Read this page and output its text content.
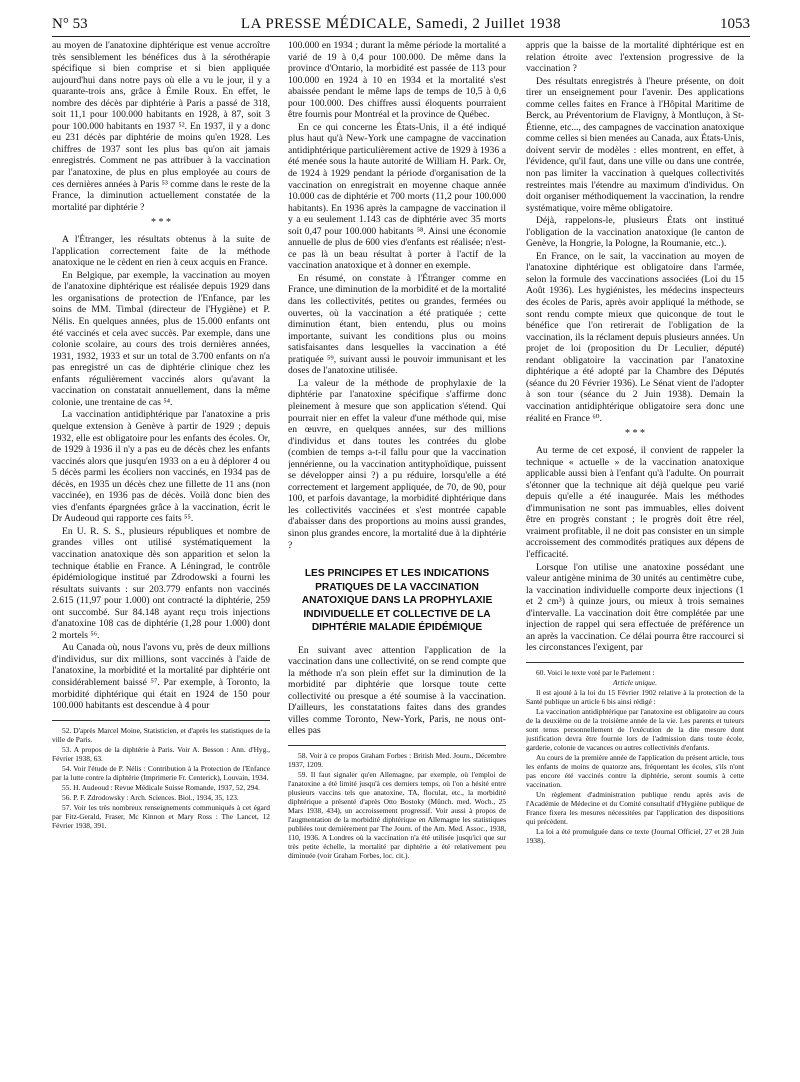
N° 53	LA PRESSE MÉDICALE, Samedi, 2 Juillet 1938	1053

au moyen de l'anatoxine diphtérique est venue accroître très sensiblement les bénéfices dus à la sérothérapie spécifique si bien comprise et si bien appliquée aujourd'hui dans notre pays où elle a vu le jour, il y a quarante-trois ans, grâce à Émile Roux. En effet, le nombre des décès par diphtérie à Paris a passé de 318, soit 11,1 pour 100.000 habitants en 1928, à 87, soit 3 pour 100.000 habitants en 1937 ⁵². En 1937, il y a donc eu 231 décès par diphtérie de moins qu'en 1928. Les chiffres de 1937 sont les plus bas qu'on ait jamais enregistrés. Comment ne pas attribuer à la vaccination par l'anatoxine, de plus en plus employée au cours de ces dernières années à Paris ⁵³ comme dans le reste de la France, la diminution actuellement constatée de la mortalité par diphtérie ?

* * *

A l'Étranger, les résultats obtenus à la suite de l'application correctement faite de la méthode anatoxique ne le cèdent en rien à ceux acquis en France.

En Belgique, par exemple, la vaccination au moyen de l'anatoxine diphtérique est réalisée depuis 1929 dans les organisations de protection de l'Enfance, par les soins de MM. Timbal (directeur de l'Hygiène) et P. Nélis. En quelques années, plus de 15.000 enfants ont été vaccinés et cela avec succès. Par exemple, dans une colonie scolaire, au cours des trois dernières années, 1931, 1932, 1933 et sur un total de 3.700 enfants on n'a pas enregistré un cas de diphtérie clinique chez les enfants régulièrement vaccinés alors qu'avant la vaccination on constatait annuellement, dans la même colonie, une trentaine de cas ⁵⁴.

La vaccination antidiphtérique par l'anatoxine a pris quelque extension à Genève à partir de 1929 ; depuis 1932, elle est obligatoire pour les enfants des écoles. Or, de 1929 à 1936 il n'y a pas eu de décès chez les enfants vaccinés alors que jusqu'en 1933 on a eu à déplorer 4 ou 5 décès parmi les écoliers non vaccinés, en 1934 pas de décès, en 1935 un décès chez une fillette de 11 ans (non vaccinée), en 1936 pas de décès. Voilà donc bien des vies d'enfants épargnées grâce à la vaccination, écrit le Dr Audeoud qui rapporte ces faits ⁵⁵.

En U. R. S. S., plusieurs républiques et nombre de grandes villes ont utilisé systématiquement la vaccination anatoxique dès son apparition et selon la technique établie en France. A Léningrad, le contrôle épidémiologique institué par Zdrodowski a fourni les résultats suivants : sur 203.779 enfants non vaccinés 2.615 (11,97 pour 1.000) ont contracté la diphtérie, 259 ont succombé. Sur 84.148 ayant reçu trois injections d'anatoxine 108 cas de diphtérie (1,28 pour 1.000) dont 2 mortels ⁵⁶.

Au Canada où, nous l'avons vu, près de deux millions d'individus, sur dix millions, sont vaccinés à l'aide de l'anatoxine, la morbidité et la mortalité par diphtérie ont considérablement baissé ⁵⁷. Par exemple, à Toronto, la morbidité diphtérique qui était en 1924 de 150 pour 100.000 habitants est descendue à 4 pour

52. D'après Marcel Moine, Statisticien, et d'après les statistiques de la ville de Paris.

53. A propos de la diphtérie à Paris. Voir A. Besson : Ann. d'Hyg., Février 1938, 63.

54. Voir l'étude de P. Nélis : Contribution à la Protection de l'Enfance par la lutte contre la diphtérie (Imprimerie Fr. Centerick), Louvain, 1934.

55. H. Audeoud : Revue Médicale Suisse Romande, 1937, 52, 294.

56. P. F. Zdrodowsky : Arch. Sciences. Biol., 1934, 35, 123.

57. Voir les très nombreux renseignements communiqués à cet égard par Fitz-Gerald, Fraser, Mc Kinnon et Mary Ross : The Lancet, 12 Février 1938, 391.

100.000 en 1934 ; durant la même période la mortalité a varié de 19 à 0,4 pour 100.000. De même dans la province d'Ontario, la morbidité est passée de 113 pour 100.000 en 1924 à 10 en 1934 et la mortalité s'est abaissée pendant le même laps de temps de 10,5 à 0,6 pour 100.000. Des chiffres aussi éloquents pourraient être fournis pour Montréal et la province de Québec.

En ce qui concerne les États-Unis, il a été indiqué plus haut qu'à New-York une campagne de vaccination antidiphtérique particulièrement active de 1929 à 1936 a été menée sous la haute autorité de William H. Park. Or, de 1924 à 1929 pendant la période d'organisation de la vaccination on enregistrait en moyenne chaque année 10.000 cas de diphtérie et 700 morts (11,2 pour 100.000 habitants). En 1936 après la campagne de vaccination il y a eu seulement 1.143 cas de diphtérie avec 35 morts soit 0,47 pour 100.000 habitants ⁵⁸. Ainsi une économie annuelle de plus de 600 vies d'enfants est réalisée; n'est-ce pas là un beau résultat à porter à l'actif de la vaccination anatoxique et à donner en exemple.

En résumé, on constate à l'Étranger comme en France, une diminution de la morbidité et de la mortalité dans les collectivités, petites ou grandes, fermées ou ouvertes, où la vaccination a été pratiquée ; cette diminution étant, bien entendu, plus ou moins importante, suivant les conditions plus ou moins satisfaisantes dans lesquelles la vaccination a été pratiquée ⁵⁹, suivant aussi le pouvoir immunisant et les doses de l'anatoxine utilisée.

La valeur de la méthode de prophylaxie de la diphtérie par l'anatoxine spécifique s'affirme donc pleinement à mesure que son application s'étend. Qui pourrait nier en effet la valeur d'une méthode qui, mise en œuvre, en quelques années, sur des millions d'individus et dans toutes les contrées du globe (combien de temps a-t-il fallu pour que la vaccination jennérienne, ou la vaccination antityphoïdique, puissent se développer ainsi ?) a pu réduire, lorsqu'elle a été correctement et largement appliquée, de 70, de 90, pour 100, et parfois davantage, la morbidité diphtérique dans les collectivités vaccinées et s'est montrée capable d'abaisser dans des proportions au moins aussi grandes, sinon plus grandes encore, la mortalité due à la diphtérie ?

LES PRINCIPES ET LES INDICATIONS PRATIQUES DE LA VACCINATION ANATOXIQUE DANS LA PROPHYLAXIE INDIVIDUELLE ET COLLECTIVE DE LA DIPHTÉRIE MALADIE ÉPIDÉMIQUE

En suivant avec attention l'application de la vaccination dans une collectivité, on se rend compte que la méthode n'a son plein effet sur la diminution de la morbidité par diphtérie que lorsque toute cette collectivité ou presque a été soumise à la vaccination. D'ailleurs, les constatations faites dans des grandes villes comme Toronto, New-York, Paris, ne nous ont-elles pas

58. Voir à ce propos Graham Forbes : British Med. Journ., Décembre 1937, 1209.

59. Il faut signaler qu'en Allemagne, par exemple, où l'emploi de l'anatoxine a été limité jusqu'à ces derniers temps, où l'on a hésité entre plusieurs vaccins tels que anatoxine, TA, floculat, etc., la morbidité diphtérique a présenté d'après Otto Bostoky (Münch. med. Woch., 25 Mars 1938, 434), un accroissement progressif. Voir aussi à propos de l'augmentation de la morbidité diphtérique en Allemagne les statistiques publiées tout dernièrement par The Journ. of the Am. Med. Assoc., 1938, 110, 1936. A Londres où la vaccination n'a été utilisée jusqu'ici que sur très petite échelle, la mortalité par diphtérie a été relativement peu diminuée (voir Graham Forbes, loc. cit.).

appris que la baisse de la mortalité diphtérique est en relation étroite avec l'extension progressive de la vaccination ?

Des résultats enregistrés à l'heure présente, on doit tirer un enseignement pour l'avenir. Des applications comme celles faites en France à l'Hôpital Maritime de Berck, au Préventorium de Flavigny, à Montluçon, à St-Étienne, etc..., des campagnes de vaccination anatoxique comme celles si bien menées au Canada, aux États-Unis, doivent servir de modèles : elles montrent, en effet, à l'évidence, qu'il faut, dans une ville ou dans une contrée, non pas limiter la vaccination à quelques collectivités restreintes mais l'étendre au maximum d'individus. On doit organiser méthodiquement la vaccination, la rendre systématique, voire même obligatoire.

Déjà, rappelons-le, plusieurs États ont institué l'obligation de la vaccination anatoxique (le canton de Genève, la Hongrie, la Pologne, la Roumanie, etc..).

En France, on le sait, la vaccination au moyen de l'anatoxine diphtérique est obligatoire dans l'armée, selon la formule des vaccinations associées (Loi du 15 Août 1936). Les hygiénistes, les médecins inspecteurs des écoles de Paris, après avoir appliqué la méthode, se sont rendu compte mieux que quiconque de tout le bénéfice que l'on retirerait de l'obligation de la vaccination, ils la réclament depuis plusieurs années. Un projet de loi (proposition du Dr Leculier, député) rendant obligatoire la vaccination par l'anatoxine diphtérique a été adopté par la Chambre des Députés (séance du 20 Février 1936). Le Sénat vient de l'adopter à son tour (séance du 2 Juin 1938). Demain la vaccination antidiphtérique obligatoire sera donc une réalité en France ⁶⁰.

* * *

Au terme de cet exposé, il convient de rappeler la technique « actuelle » de la vaccination anatoxique applicable aussi bien à l'enfant qu'à l'adulte. On pourrait s'étonner que la technique ait déjà quelque peu varié depuis qu'elle a été inaugurée. Mais les méthodes d'immunisation ne sont pas immuables, elles doivent être en progrès constant ; le progrès doit être réel, vraiment profitable, il ne doit pas consister en un simple accroissement des commodités pratiques aux dépens de l'efficacité.

Lorsque l'on utilise une anatoxine possédant une valeur antigène minima de 30 unités au centimètre cube, la vaccination individuelle comporte deux injections (1 et 2 cm³) à quinze jours, ou mieux à trois semaines d'intervalle. La vaccination doit être complétée par une injection de rappel qui sera effectuée de préférence un an après la vaccination. Ce délai pourra être raccourci si les circonstances l'exigent, par

60. Voici le texte voté par le Parlement :

Article unique.

Il est ajouté à la loi du 15 Février 1902 relative à la protection de la Santé publique un article 6 bis ainsi rédigé :

La vaccination antidiphtérique par l'anatoxine est obligatoire au cours de la deuxième ou de la troisième année de la vie. Les parents et tuteurs sont tenus personnellement de l'exécution de la dite mesure dont justification devra être fournie lors de l'admission dans toute école, garderie, colonie de vacances ou autres collectivités d'enfants.

Au cours de la première année de l'application du présent article, tous les enfants de moins de quatorze ans, fréquentant les écoles, s'ils n'ont pas encore été vaccinés contre la diphtérie, seront soumis à cette vaccination.

Un règlement d'administration publique rendu après avis de l'Académie de Médecine et du Comité consultatif d'Hygiène publique de France fixera les mesures nécessitées par l'application des dispositions qui précèdent.

La loi a été promulguée dans ce texte (Journal Officiel, 27 et 28 Juin 1938).
